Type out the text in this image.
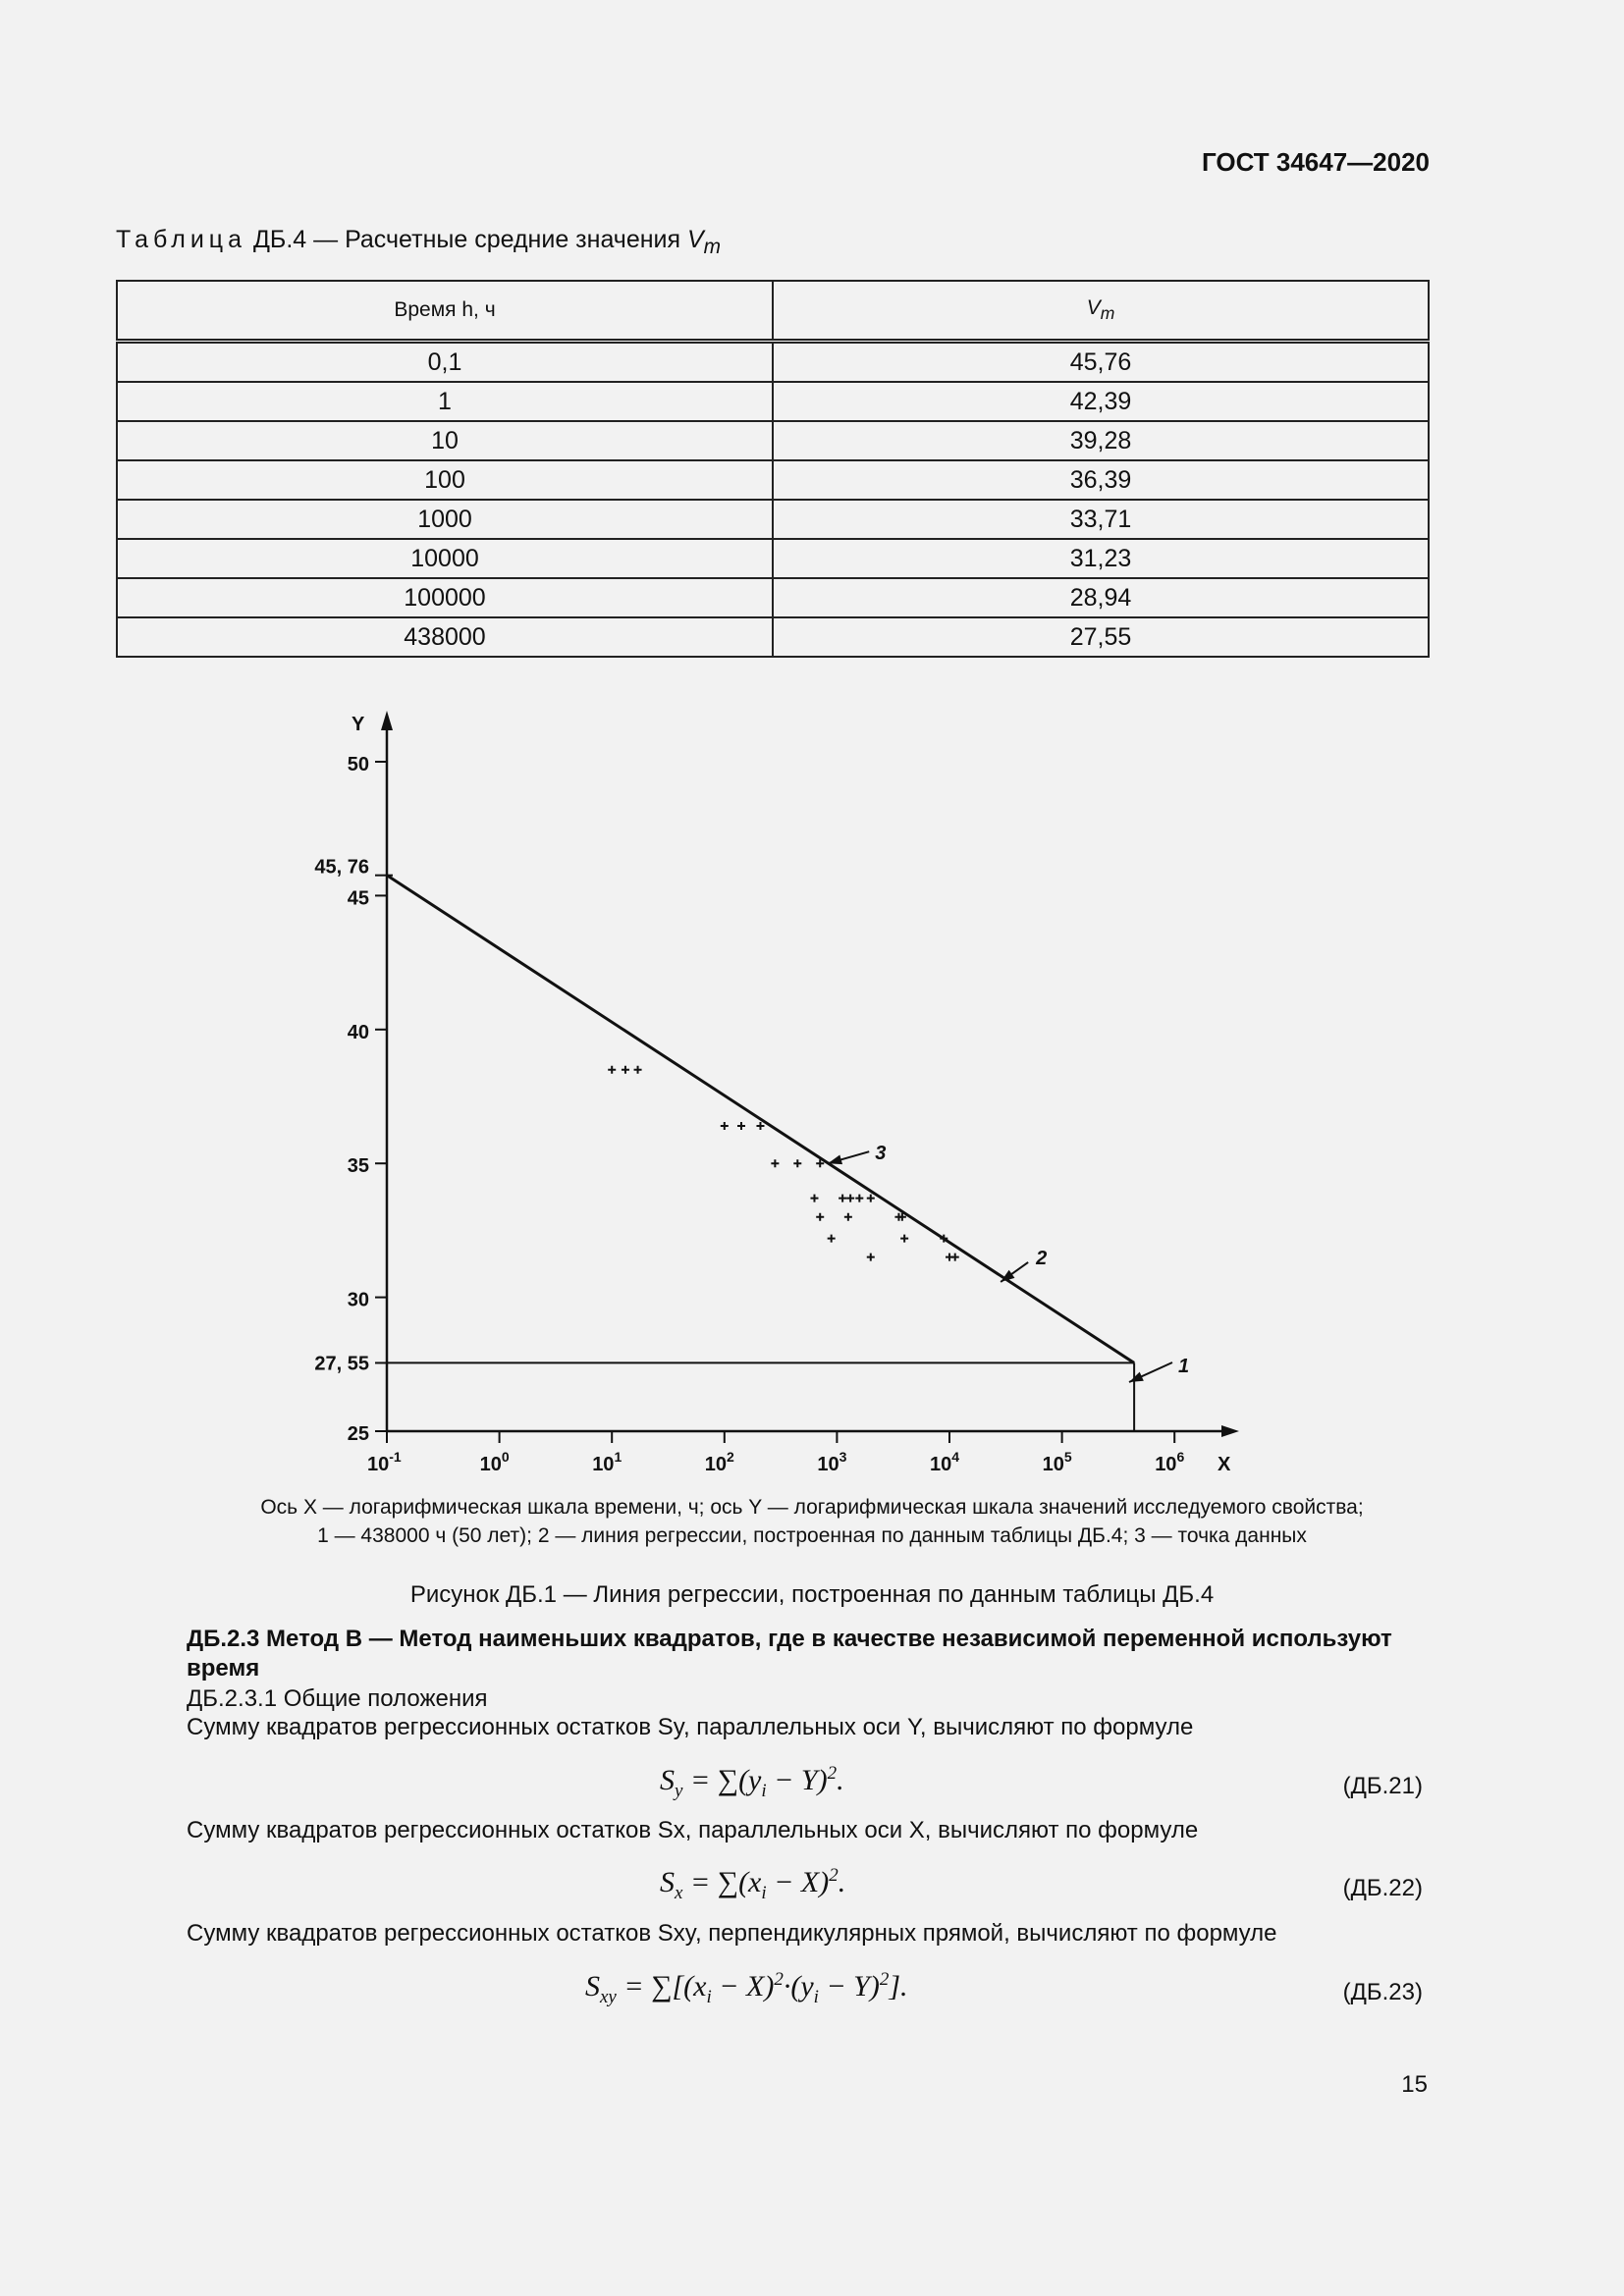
ГОСТ 34647—2020
Таблица ДБ.4 — Расчетные средние значения $V_m$
Время h, ч	$V_m$
0,1	45,76
1	42,39
10	39,28
100	36,39
1000	33,71
10000	31,23
100000	28,94
438000	27,55
X
Y
50
45
40
35
30
25
45, 76
27, 55
$10^{-1}$	$10^0$	$10^1$	$10^2$	$10^3$	$10^4$	$10^5$	$10^6$
1
2
3
Ось X — логарифмическая шкала времени, ч; ось Y — логарифмическая шкала значений исследуемого свойства;
1 — 438000 ч (50 лет); 2 — линия регрессии, построенная по данным таблицы ДБ.4; 3 — точка данных
Рисунок ДБ.1 — Линия регрессии, построенная по данным таблицы ДБ.4
ДБ.2.3 Метод В — Метод наименьших квадратов, где в качестве независимой переменной используют время
ДБ.2.3.1 Общие положения
Сумму квадратов регрессионных остатков Sy, параллельных оси Y, вычисляют по формуле
$S_y = \sum(y_i - Y)^2$.	(ДБ.21)
Сумму квадратов регрессионных остатков Sx, параллельных оси X, вычисляют по формуле
$S_x = \sum(x_i - X)^2$.	(ДБ.22)
Сумму квадратов регрессионных остатков Sxy, перпендикулярных прямой, вычисляют по формуле
$S_{xy} = \sum[(x_i - X)^2\cdot(y_i - Y)^2]$.	(ДБ.23)
15
